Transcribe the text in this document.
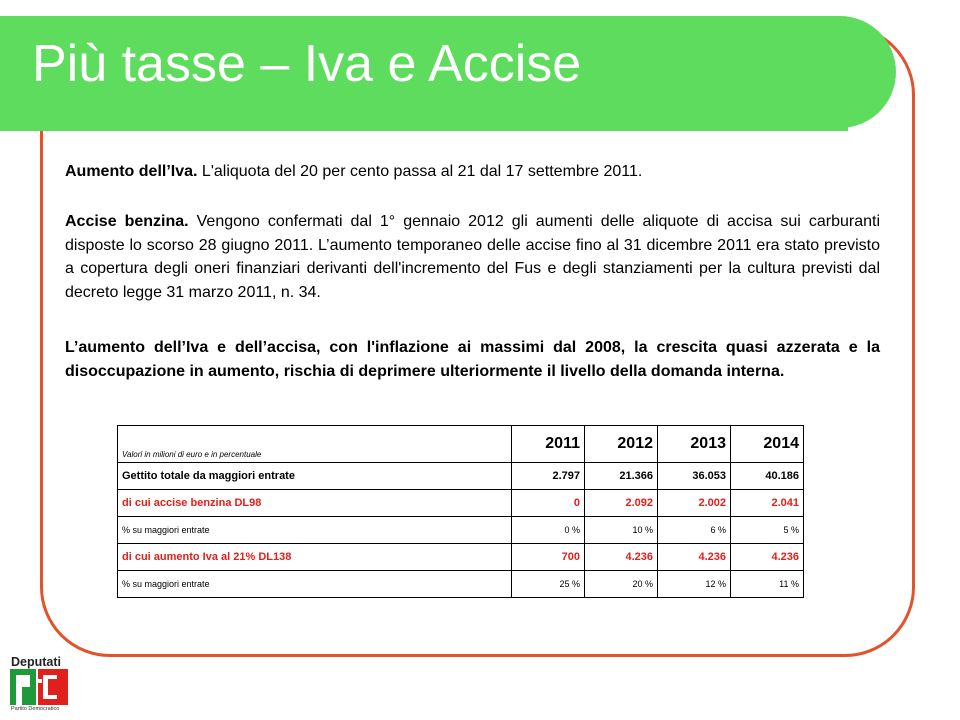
Più tasse – Iva e Accise
Aumento dell’Iva. L'aliquota del 20 per cento passa al 21 dal 17 settembre 2011.
Accise benzina. Vengono confermati dal 1° gennaio 2012 gli aumenti delle aliquote di accisa sui carburanti disposte lo scorso 28 giugno 2011. L’aumento temporaneo delle accise fino al 31 dicembre 2011 era stato previsto a copertura degli oneri finanziari derivanti dell'incremento del Fus e degli stanziamenti per la cultura previsti dal decreto legge 31 marzo 2011, n. 34.
L’aumento dell’Iva e dell’accisa, con l'inflazione ai massimi dal 2008, la crescita quasi azzerata e la disoccupazione in aumento, rischia di deprimere ulteriormente il livello della domanda interna.
Valori in milioni di euro e in percentuale	2011	2012	2013	2014
Gettito totale da maggiori entrate	2.797	21.366	36.053	40.186
di cui accise benzina DL98	0	2.092	2.002	2.041
% su maggiori entrate	0 %	10 %	6 %	5 %
di cui aumento Iva al 21% DL138	700	4.236	4.236	4.236
% su maggiori entrate	25 %	20 %	12 %	11 %
Deputati
Partito Democratico
